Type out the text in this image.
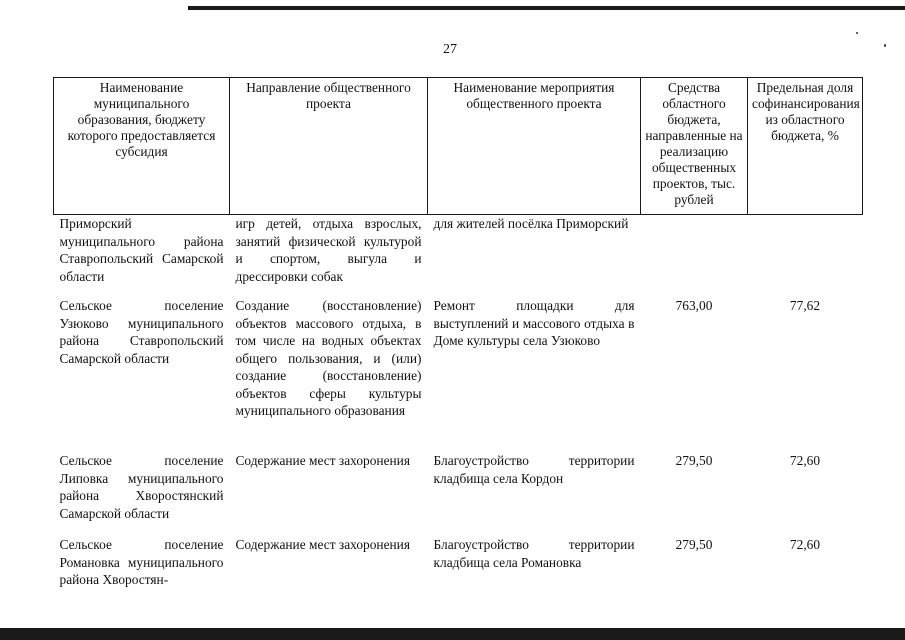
27
Наименование муниципального образования, бюджету которого предоставляется субсидия	Направление общественного проекта	Наименование мероприятия общественного проекта	Средства областного бюджета, направленные на реализацию общественных проектов, тыс. рублей	Предельная доля софинансирования из областного бюджета, %
Приморский муниципального района Ставропольский Самарской области	игр детей, отдыха взрослых, занятий физической культурой и спортом, выгула и дрессировки собак	для жителей посёлка Приморский		
Сельское поселение Узюково муниципального района Ставропольский Самарской области	Создание (восстановление) объектов массового отдыха, в том числе на водных объектах общего пользования, и (или) создание (восстановление) объектов сферы культуры муниципального образования	Ремонт площадки для выступлений и массового отдыха в Доме культуры села Узюково	763,00	77,62
Сельское поселение Липовка муниципального района Хворостянский Самарской области	Содержание мест захоронения	Благоустройство территории кладбища села Кордон	279,50	72,60
Сельское поселение Романовка муниципального района Хворостян-	Содержание мест захоронения	Благоустройство территории кладбища села Романовка	279,50	72,60
